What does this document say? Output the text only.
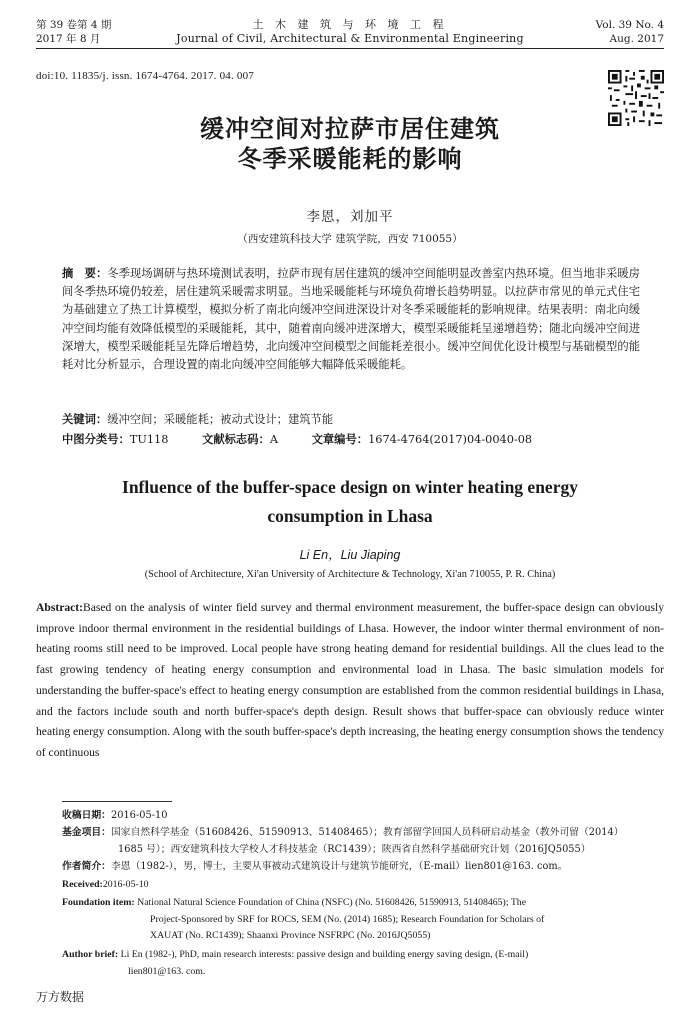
第 39 卷第 4 期
2017 年 8 月
土 木 建 筑 与 环 境 工 程
Journal of Civil, Architectural & Environmental Engineering
Vol. 39 No. 4
Aug. 2017
doi:10. 11835/j. issn. 1674-4764. 2017. 04. 007
缓冲空间对拉萨市居住建筑
冬季采暖能耗的影响
李恩，刘加平
（西安建筑科技大学 建筑学院，西安 710055）
摘　要：冬季现场调研与热环境测试表明，拉萨市现有居住建筑的缓冲空间能明显改善室内热环境。但当地非采暖房间冬季热环境仍较差，居住建筑采暖需求明显。当地采暖能耗与环境负荷增长趋势明显。以拉萨市常见的单元式住宅为基础建立了热工计算模型，模拟分析了南北向缓冲空间进深设计对冬季采暖能耗的影响规律。结果表明：南北向缓冲空间均能有效降低模型的采暖能耗，其中，随着南向缓冲进深增大，模型采暖能耗呈递增趋势；随北向缓冲空间进深增大，模型采暖能耗呈先降后增趋势，北向缓冲空间模型之间能耗差很小。缓冲空间优化设计模型与基础模型的能耗对比分析显示，合理设置的南北向缓冲空间能够大幅降低采暖能耗。
关键词：缓冲空间；采暖能耗；被动式设计；建筑节能
中图分类号：TU118	文献标志码：A	文章编号：1674-4764(2017)04-0040-08
Influence of the buffer-space design on winter heating energy
consumption in Lhasa
Li En，Liu Jiaping
(School of Architecture, Xi'an University of Architecture & Technology, Xi'an 710055, P. R. China)
Abstract:Based on the analysis of winter field survey and thermal environment measurement, the buffer-space design can obviously improve indoor thermal environment in the residential buildings of Lhasa. However, the indoor winter thermal environment of non-heating rooms still need to be improved. Local people have strong heating demand for residential buildings. All the clues lead to the fast growing tendency of heating energy consumption and environmental load in Lhasa. The basic simulation models for understanding the buffer-space's effect to heating energy consumption are established from the common residential buildings in Lhasa, and the factors include south and north buffer-space's depth design. Result shows that buffer-space can obviously reduce winter heating energy consumption. Along with the south buffer-space's depth increasing, the heating energy consumption shows the tendency of continuous
收稿日期：2016-05-10
基金项目：国家自然科学基金（51608426、51590913、51408465）；教育部留学回国人员科研启动基金（教外司留（2014）
1685 号）；西安建筑科技大学校人才科技基金（RC1439）；陕西省自然科学基础研究计划（2016JQ5055）
作者简介：李恩（1982-），男，博士，主要从事被动式建筑设计与建筑节能研究，（E-mail）lien801@163. com。
Received:2016-05-10
Foundation item: National Natural Science Foundation of China (NSFC) (No. 51608426, 51590913, 51408465); The
Project-Sponsored by SRF for ROCS, SEM (No. (2014) 1685); Research Foundation for Scholars of
XAUAT (No. RC1439); Shaanxi Province NSFRPC (No. 2016JQ5055)
Author brief: Li En (1982-), PhD, main research interests: passive design and building energy saving design, (E-mail)
lien801@163. com.
万方数据
